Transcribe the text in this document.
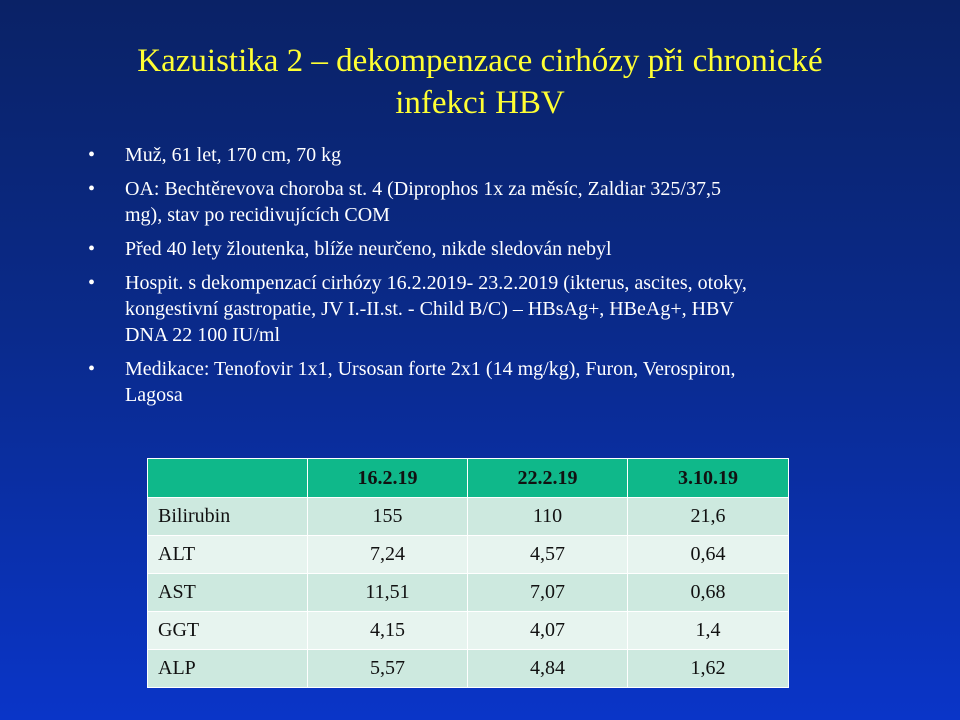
Kazuistika 2 – dekompenzace cirhózy při chronické
infekci HBV
• Muž, 61 let, 170 cm, 70 kg
• OA: Bechtěrevova choroba st. 4 (Diprophos 1x za měsíc, Zaldiar 325/37,5
mg), stav po recidivujících COM
• Před 40 lety žloutenka, blíže neurčeno, nikde sledován nebyl
• Hospit. s dekompenzací cirhózy 16.2.2019- 23.2.2019 (ikterus, ascites, otoky,
kongestivní gastropatie, JV I.-II.st. - Child B/C) – HBsAg+, HBeAg+, HBV
DNA 22 100 IU/ml
• Medikace: Tenofovir 1x1, Ursosan forte 2x1 (14 mg/kg), Furon, Verospiron,
Lagosa
	16.2.19	22.2.19	3.10.19
Bilirubin	155	110	21,6
ALT	7,24	4,57	0,64
AST	11,51	7,07	0,68
GGT	4,15	4,07	1,4
ALP	5,57	4,84	1,62
